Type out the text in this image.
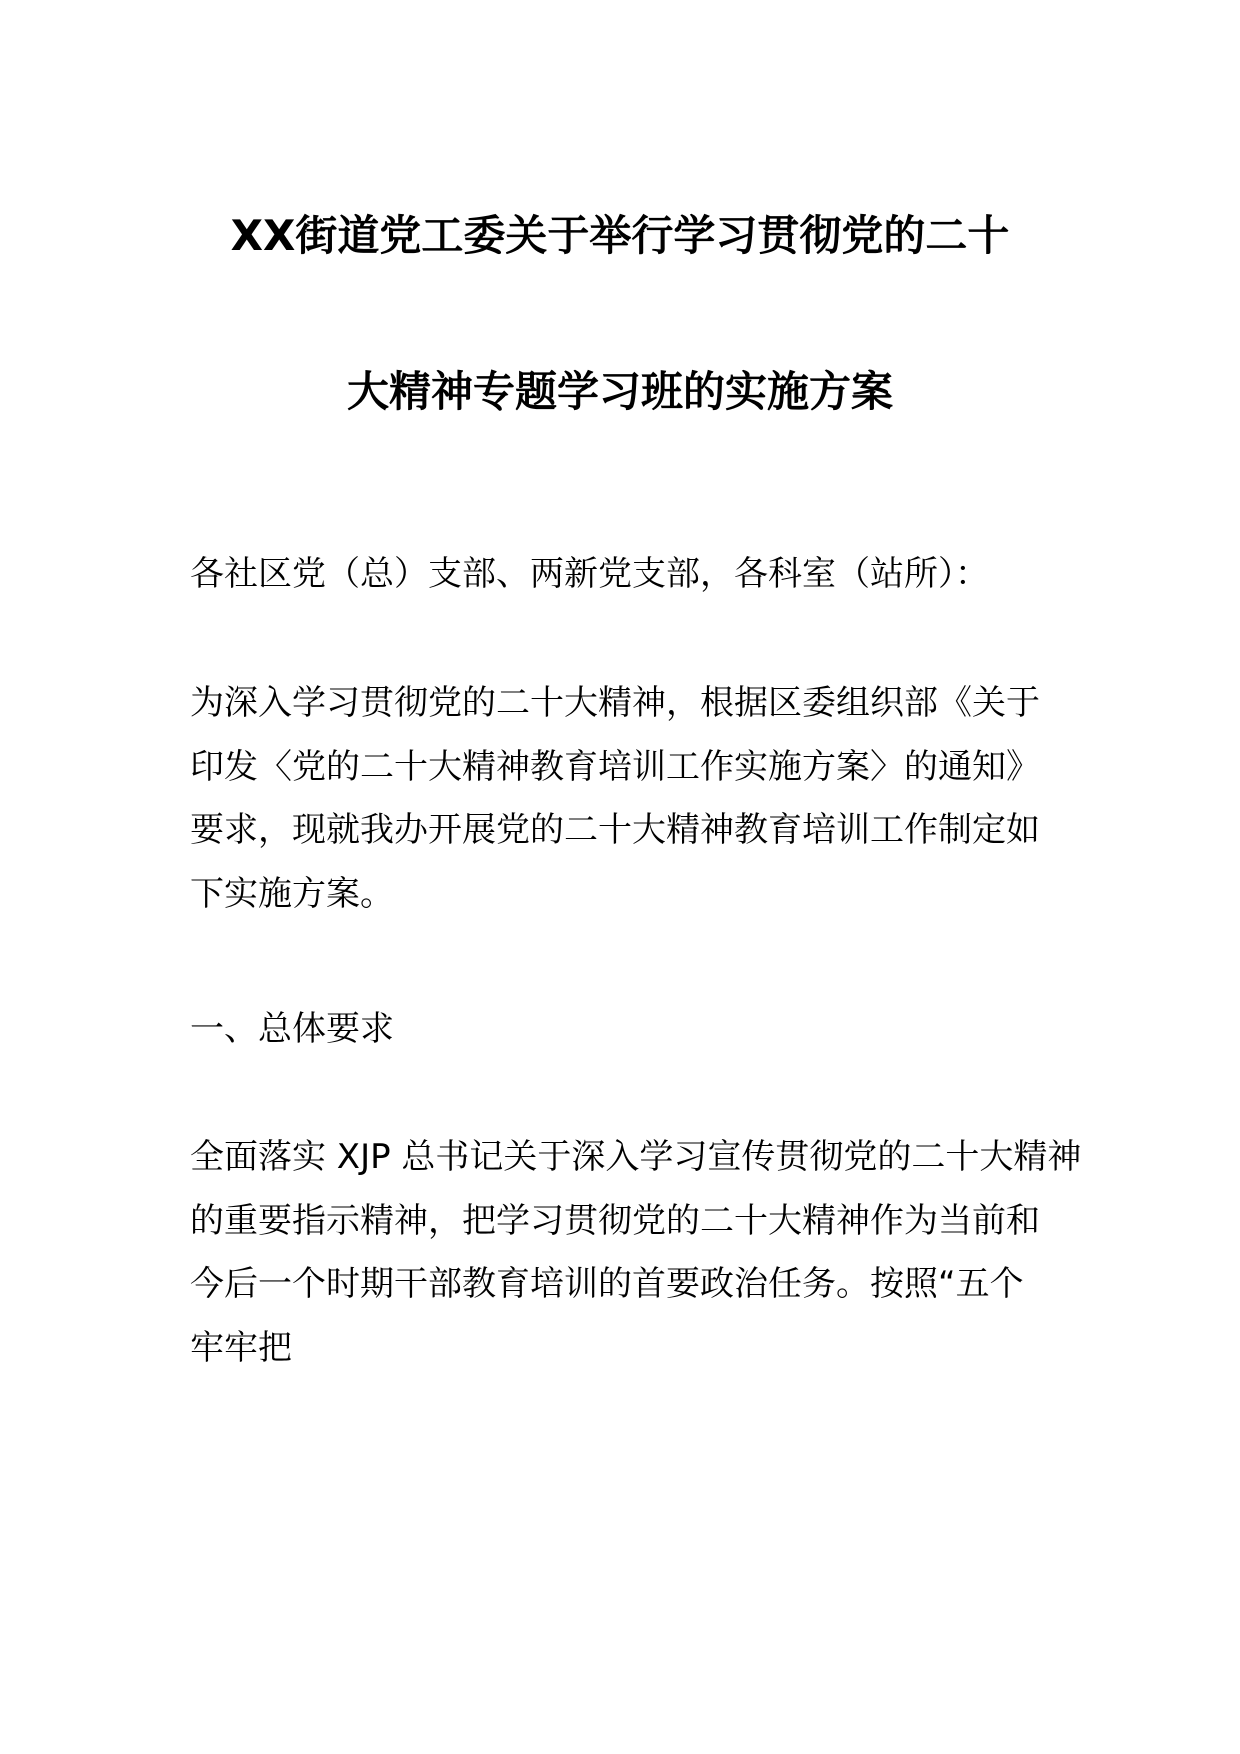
XX街道党工委关于举行学习贯彻党的二十
大精神专题学习班的实施方案
各社区党（总）支部、两新党支部，各科室（站所）：
为深入学习贯彻党的二十大精神，根据区委组织部《关于
印发〈党的二十大精神教育培训工作实施方案〉的通知》
要求，现就我办开展党的二十大精神教育培训工作制定如
下实施方案。
一、总体要求
全面落实 XJP 总书记关于深入学习宣传贯彻党的二十大精神
的重要指示精神，把学习贯彻党的二十大精神作为当前和
今后一个时期干部教育培训的首要政治任务。按照“五个
牢牢把
